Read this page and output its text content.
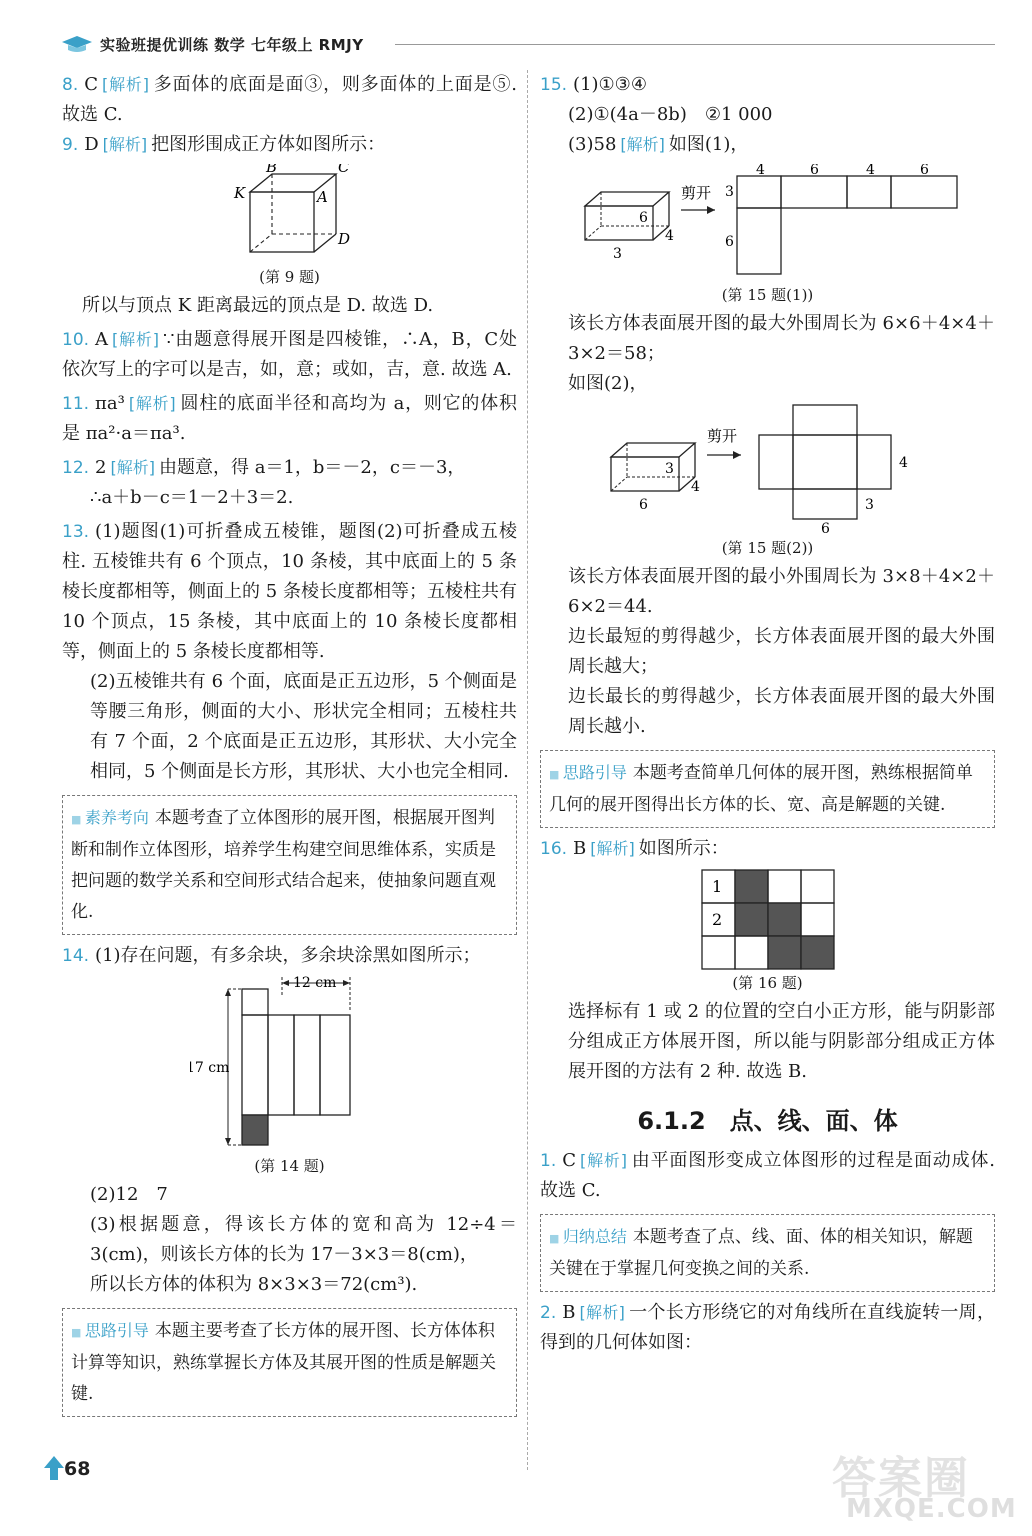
实验班提优训练 数学 七年级上 RMJY
8. C [解析] 多面体的底面是面③，则多面体的上面是⑤. 故选 C.
9. D [解析] 把图形围成正方体如图所示：
B	C
K	A
D
(第 9 题)
所以与顶点 K 距离最远的顶点是 D. 故选 D.
10. A [解析] ∵由题意得展开图是四棱锥，∴A，B，C处依次写上的字可以是吉，如，意；或如，吉，意. 故选 A.
11. πa³ [解析] 圆柱的底面半径和高均为 a，则它的体积是 πa²·a＝πa³.
12. 2 [解析] 由题意，得 a＝1，b＝－2，c＝－3，
∴a＋b－c＝1－2＋3＝2.
13. (1)题图(1)可折叠成五棱锥，题图(2)可折叠成五棱柱. 五棱锥共有 6 个顶点，10 条棱，其中底面上的 5 条棱长度都相等，侧面上的 5 条棱长度都相等；五棱柱共有 10 个顶点，15 条棱，其中底面上的 10 条棱长度都相等，侧面上的 5 条棱长度都相等.
(2)五棱锥共有 6 个面，底面是正五边形，5 个侧面是等腰三角形，侧面的大小、形状完全相同；五棱柱共有 7 个面，2 个底面是正五边形，其形状、大小完全相同，5 个侧面是长方形，其形状、大小也完全相同.
■ 素养考向 本题考查了立体图形的展开图，根据展开图判断和制作立体图形，培养学生构建空间思维体系，实质是把问题的数学关系和空间形式结合起来，使抽象问题直观化.
14. (1)存在问题，有多余块，多余块涂黑如图所示；
12 cm
17 cm
(第 14 题)
(2)12　7
(3)根据题意，得该长方体的宽和高为 12÷4＝3(cm)，则该长方体的长为 17－3×3＝8(cm)，
所以长方体的体积为 8×3×3＝72(cm³).
■ 思路引导 本题主要考查了长方体的展开图、长方体体积计算等知识，熟练掌握长方体及其展开图的性质是解题关键.
15. (1)①③④
(2)①(4a－8b)　②1 000
(3)58 [解析] 如图(1)，
3
6
4
剪开
4	6	4	6
3
6
(第 15 题(1))
该长方体表面展开图的最大外围周长为 6×6＋4×4＋3×2＝58；
如图(2)，
6
3
4
剪开
4
3
6
(第 15 题(2))
该长方体表面展开图的最小外围周长为 3×8＋4×2＋6×2＝44.
边长最短的剪得越少，长方体表面展开图的最大外围周长越大；
边长最长的剪得越少，长方体表面展开图的最大外围周长越小.
■ 思路引导 本题考查简单几何体的展开图，熟练根据简单几何的展开图得出长方体的长、宽、高是解题的关键.
16. B [解析] 如图所示：
1
2
(第 16 题)
选择标有 1 或 2 的位置的空白小正方形，能与阴影部分组成正方体展开图，所以能与阴影部分组成正方体展开图的方法有 2 种. 故选 B.
6.1.2　点、线、面、体
1. C [解析] 由平面图形变成立体图形的过程是面动成体. 故选 C.
■ 归纳总结 本题考查了点、线、面、体的相关知识，解题关键在于掌握几何变换之间的关系.
2. B [解析] 一个长方形绕它的对角线所在直线旋转一周，得到的几何体如图：
68	答案圈
MXQE.COM
